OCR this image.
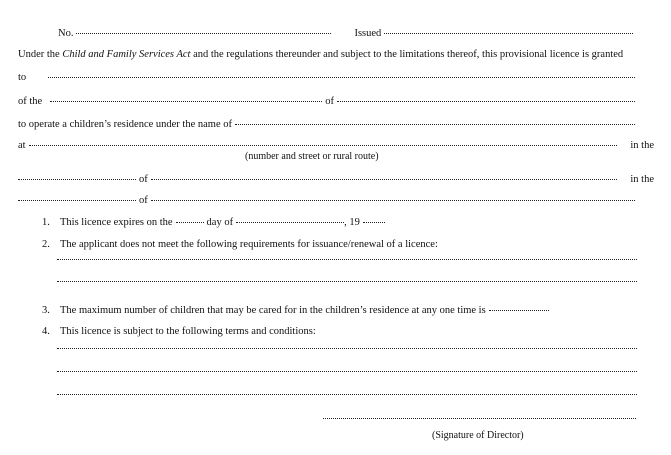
No.	Issued
Under the
Child and Family Services Act
and the regulations thereunder and subject to the limitations thereof, this provisional licence is granted
to
of the	of
to operate a children’s residence under the name of
at	in the
(number and street or rural route)
of	in the
of
1. This licence expires on the	day of	, 19
2. The applicant does not meet the following requirements for issuance/renewal of a licence:
3. The maximum number of children that may be cared for in the children’s residence at any one time is
4. This licence is subject to the following terms and conditions:
(Signature of Director)
